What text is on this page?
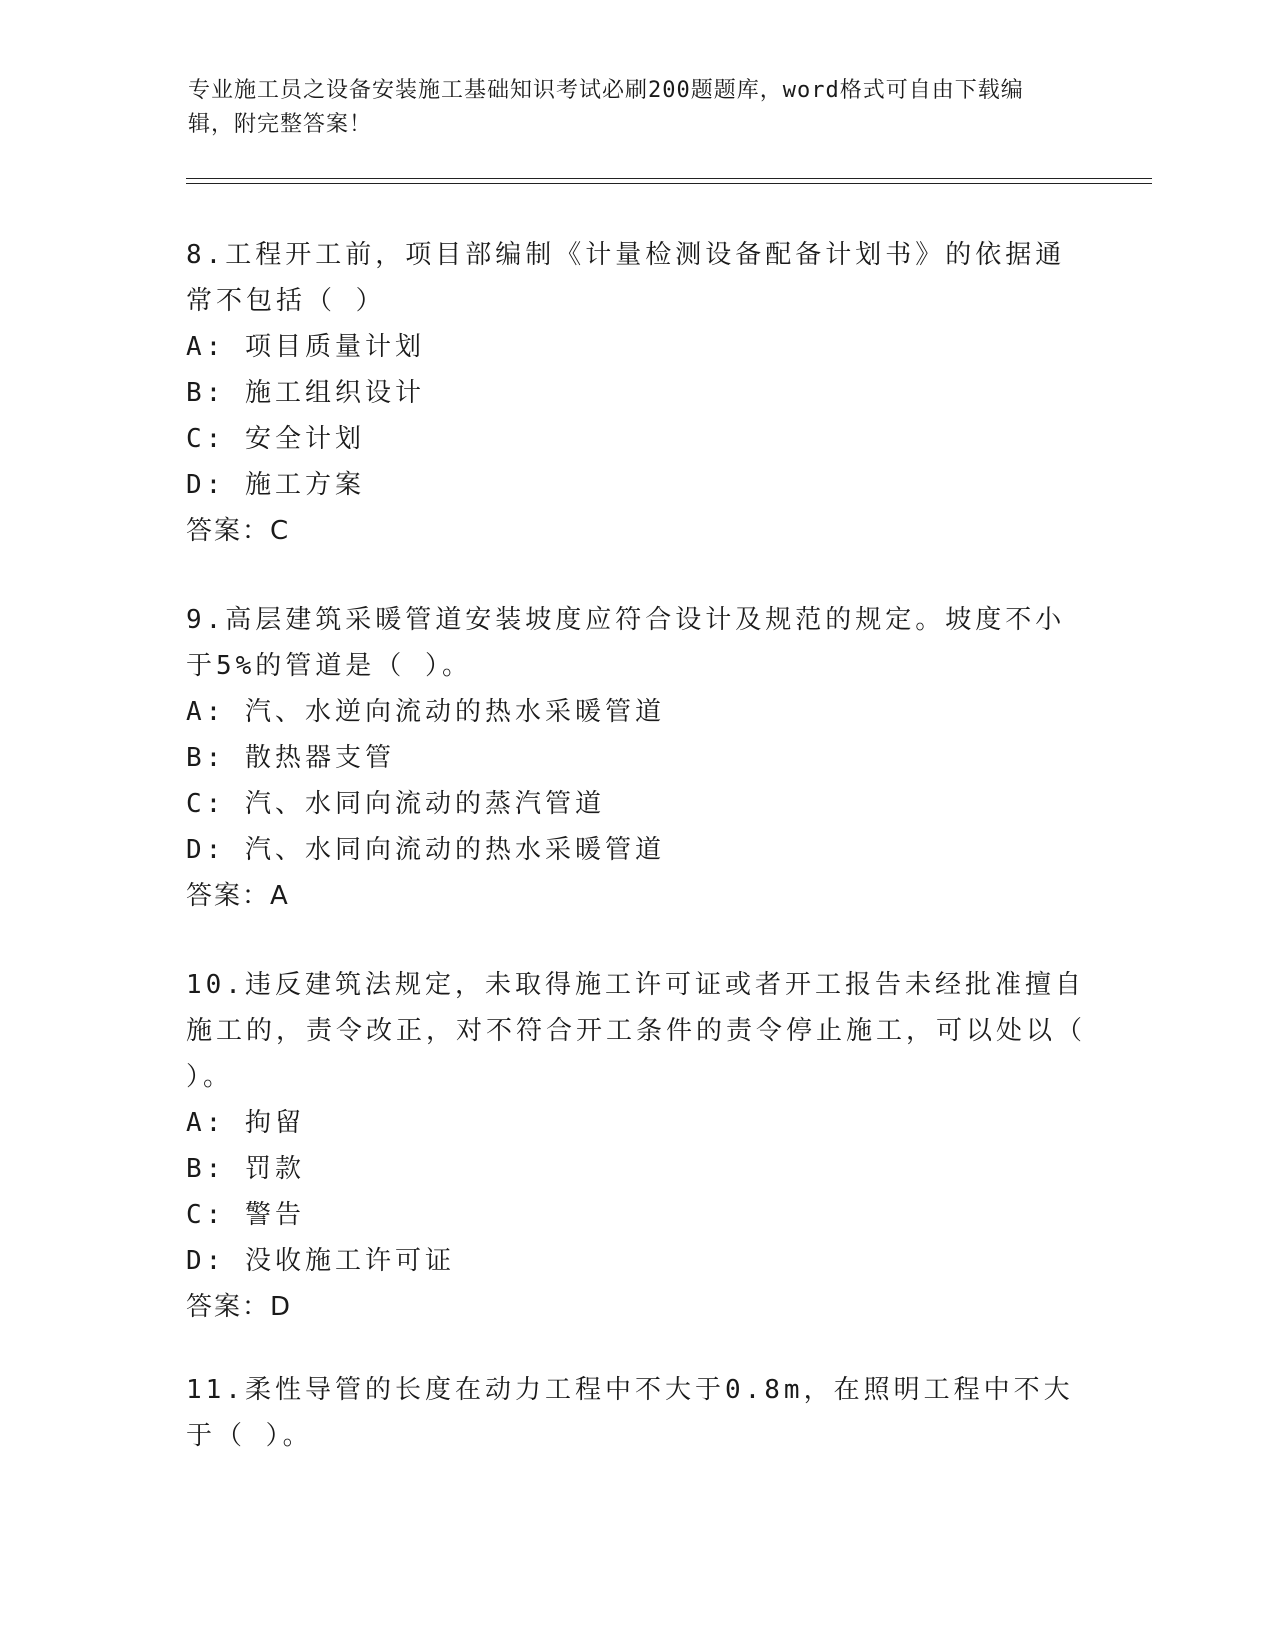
专业施工员之设备安装施工基础知识考试必刷200题题库，word格式可自由下载编辑，附完整答案！

8.工程开工前，项目部编制《计量检测设备配备计划书》的依据通常不包括（ ）

A: 项目质量计划
B: 施工组织设计
C: 安全计划
D: 施工方案
答案：C

9.高层建筑采暖管道安装坡度应符合设计及规范的规定。坡度不小于5%的管道是（ ）。

A: 汽、水逆向流动的热水采暖管道
B: 散热器支管
C: 汽、水同向流动的蒸汽管道
D: 汽、水同向流动的热水采暖管道
答案：A

10.违反建筑法规定，未取得施工许可证或者开工报告未经批准擅自施工的，责令改正，对不符合开工条件的责令停止施工，可以处以（ ）。

A: 拘留
B: 罚款
C: 警告
D: 没收施工许可证
答案：D

11.柔性导管的长度在动力工程中不大于0.8m，在照明工程中不大于（ ）。
